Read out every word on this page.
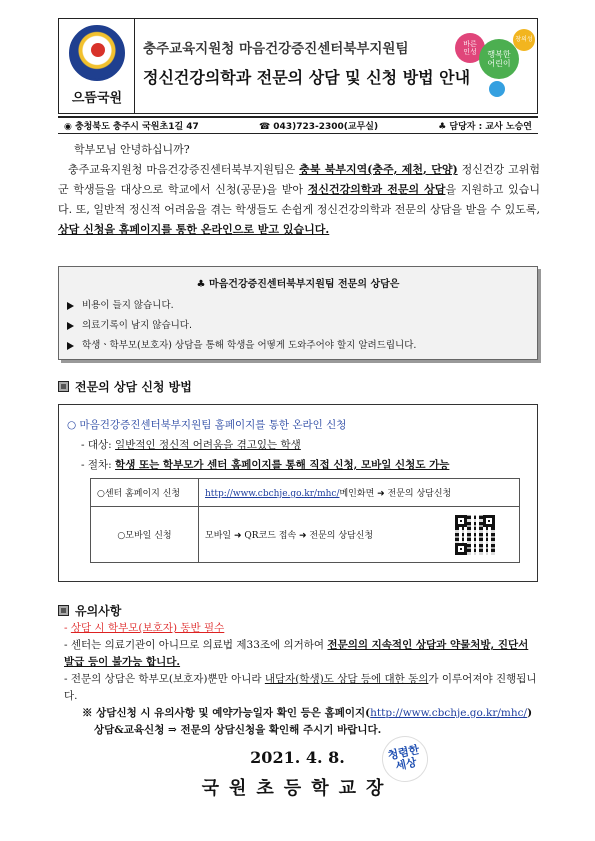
으뜸국원
충주교육지원청 마음건강증진센터북부지원팀
정신건강의학과 전문의 상담 및 신청 방법 안내
바른
인성	행복한
어린이
창의성
◉ 충청북도 충주시 국원초1길 47	☎ 043)723-2300(교무실)	♣ 담당자 : 교사 노승연
학부모님 안녕하십니까?
충주교육지원청 마음건강증진센터북부지원팀은 충북 북부지역(충주, 제천, 단양) 정신건강 고위험군 학생들을 대상으로 학교에서 신청(공문)을 받아 정신건강의학과 전문의 상담을 지원하고 있습니다. 또, 일반적 정신적 어려움을 겪는 학생들도 손쉽게 정신건강의학과 전문의 상담을 받을 수 있도록, 상담 신청을 홈페이지를 통한 온라인으로 받고 있습니다.
♣ 마음건강증진센터북부지원팀 전문의 상담은
비용이 들지 않습니다.
의료기록이 남지 않습니다.
학생ㆍ학부모(보호자) 상담을 통해 학생을 어떻게 도와주어야 할지 알려드립니다.
전문의 상담 신청 방법
○ 마음건강증진센터북부지원팀 홈페이지를 통한 온라인 신청
- 대상: 일반적인 정신적 어려움을 겪고있는 학생
- 절차: 학생 또는 학부모가 센터 홈페이지를 통해 직접 신청, 모바일 신청도 가능
○센터 홈페이지 신청	http://www.cbchje.go.kr/mhc/메인화면 ➜ 전문의 상담신청	
○모바일 신청	모바일 ➜ QR코드 접속 ➜ 전문의 상담신청	
유의사항
- 상담 시 학부모(보호자) 동반 필수
- 센터는 의료기관이 아니므로 의료법 제33조에 의거하여 전문의의 지속적인 상담과 약물처방, 진단서 발급 등이 불가능 합니다.
- 전문의 상담은 학부모(보호자)뿐만 아니라 내담자(학생)도 상담 등에 대한 동의가 이루어져야 진행됩니다.
※ 상담신청 시 유의사항 및 예약가능일자 확인 등은 홈페이지(http://www.cbchje.go.kr/mhc/)
상담&교육신청 ⇒ 전문의 상담신청을 확인해 주시기 바랍니다.
2021. 4. 8.
국원초등학교장
청렴한
세상
